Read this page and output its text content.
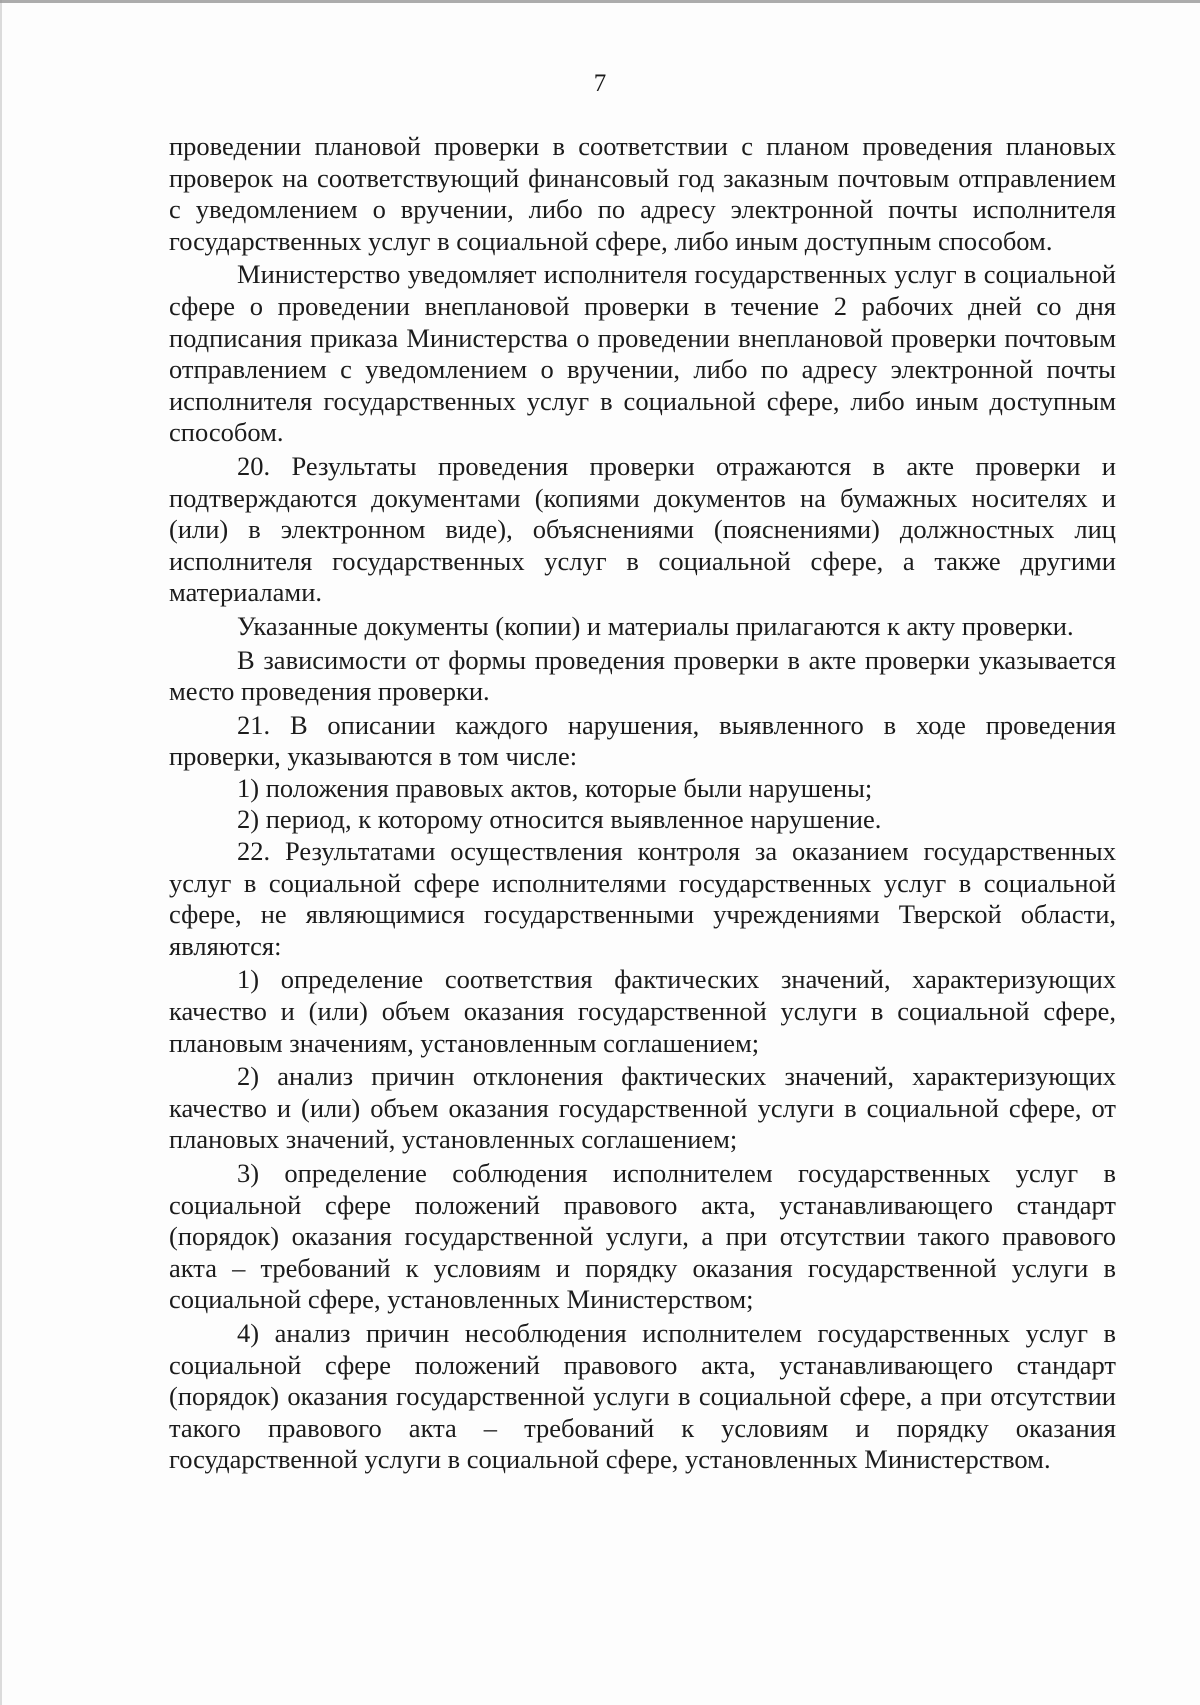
7

проведении плановой проверки в соответствии с планом проведения плановых проверок на соответствующий финансовый год заказным почтовым отправлением с уведомлением о вручении, либо по адресу электронной почты исполнителя государственных услуг в социальной сфере, либо иным доступным способом.

Министерство уведомляет исполнителя государственных услуг в социальной сфере о проведении внеплановой проверки в течение 2 рабочих дней со дня подписания приказа Министерства о проведении внеплановой проверки почтовым отправлением с уведомлением о вручении, либо по адресу электронной почты исполнителя государственных услуг в социальной сфере, либо иным доступным способом.

20. Результаты проведения проверки отражаются в акте проверки и подтверждаются документами (копиями документов на бумажных носителях и (или) в электронном виде), объяснениями (пояснениями) должностных лиц исполнителя государственных услуг в социальной сфере, а также другими материалами.

Указанные документы (копии) и материалы прилагаются к акту проверки.

В зависимости от формы проведения проверки в акте проверки указывается место проведения проверки.

21. В описании каждого нарушения, выявленного в ходе проведения проверки, указываются в том числе:

1) положения правовых актов, которые были нарушены;

2) период, к которому относится выявленное нарушение.

22. Результатами осуществления контроля за оказанием государственных услуг в социальной сфере исполнителями государственных услуг в социальной сфере, не являющимися государственными учреждениями Тверской области, являются:

1) определение соответствия фактических значений, характеризующих качество и (или) объем оказания государственной услуги в социальной сфере, плановым значениям, установленным соглашением;

2) анализ причин отклонения фактических значений, характеризующих качество и (или) объем оказания государственной услуги в социальной сфере, от плановых значений, установленных соглашением;

3) определение соблюдения исполнителем государственных услуг в социальной сфере положений правового акта, устанавливающего стандарт (порядок) оказания государственной услуги, а при отсутствии такого правового акта – требований к условиям и порядку оказания государственной услуги в социальной сфере, установленных Министерством;

4) анализ причин несоблюдения исполнителем государственных услуг в социальной сфере положений правового акта, устанавливающего стандарт (порядок) оказания государственной услуги в социальной сфере, а при отсутствии такого правового акта – требований к условиям и порядку оказания государственной услуги в социальной сфере, установленных Министерством.
